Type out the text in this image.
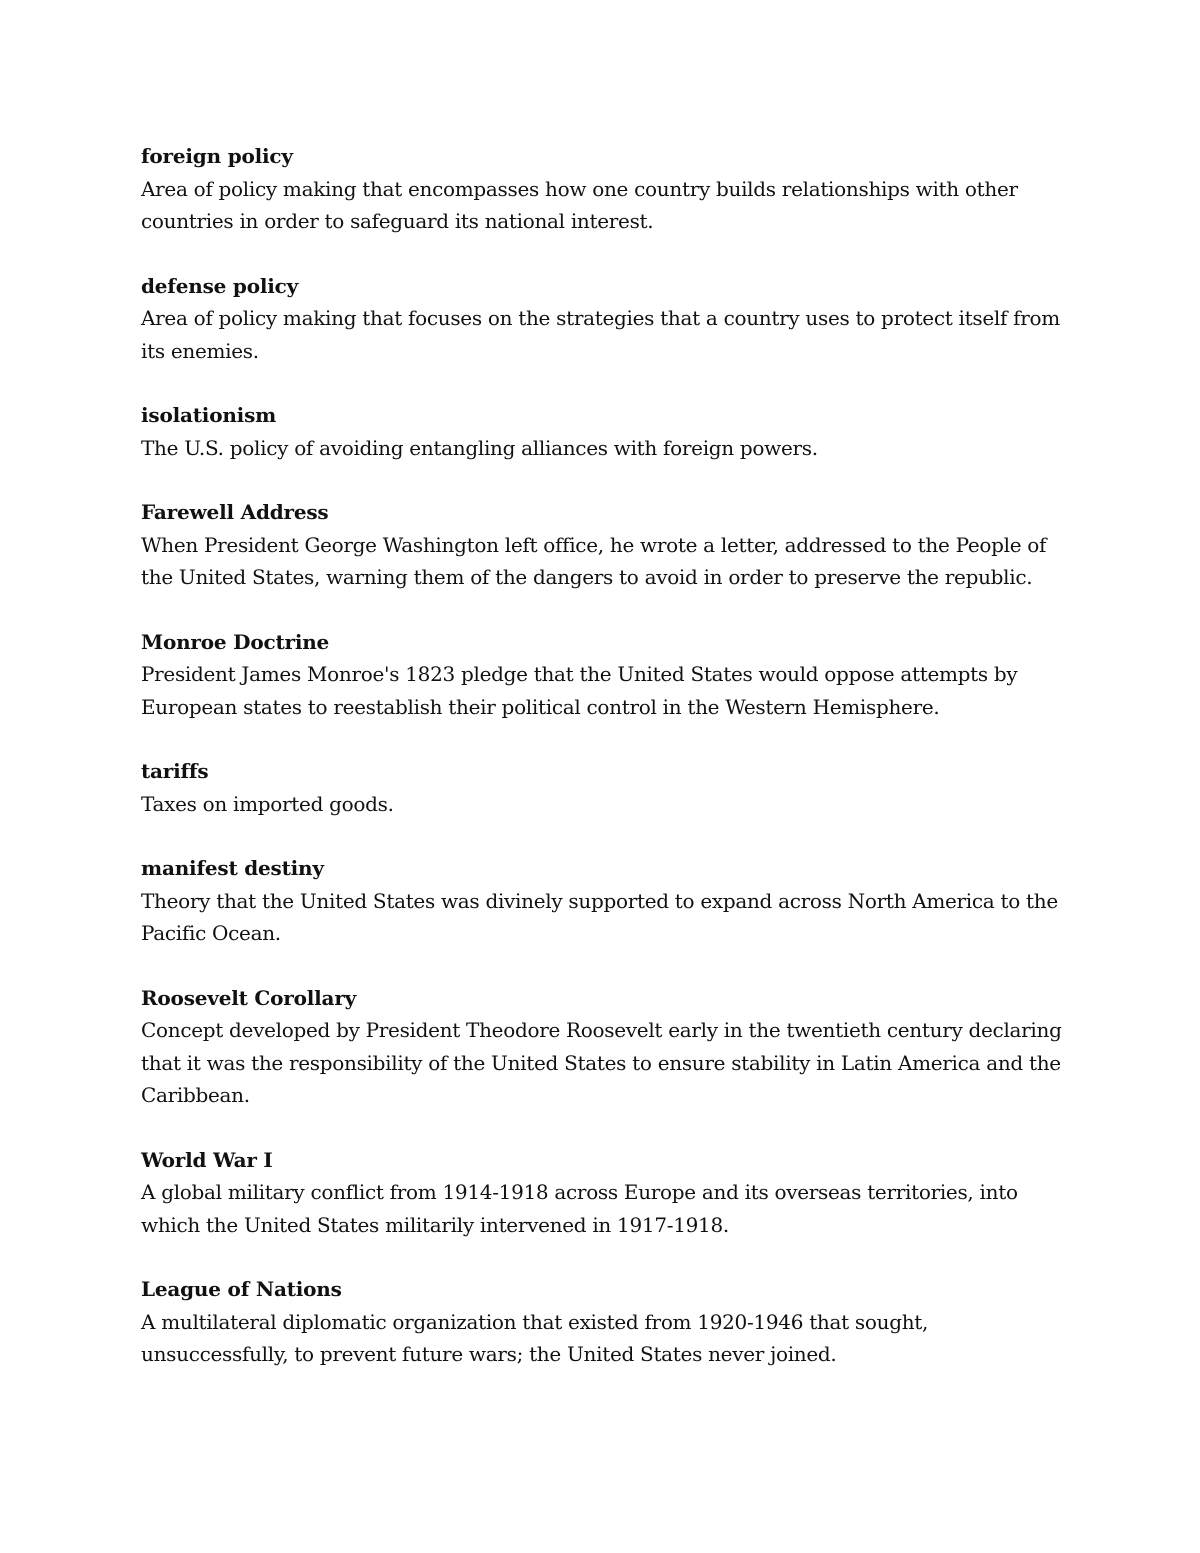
foreign policy

Area of policy making that encompasses how one country builds relationships with other countries in order to safeguard its national interest.

defense policy

Area of policy making that focuses on the strategies that a country uses to protect itself from its enemies.

isolationism

The U.S. policy of avoiding entangling alliances with foreign powers.

Farewell Address

When President George Washington left office, he wrote a letter, addressed to the People of the United States, warning them of the dangers to avoid in order to preserve the republic.

Monroe Doctrine

President James Monroe's 1823 pledge that the United States would oppose attempts by European states to reestablish their political control in the Western Hemisphere.

tariffs

Taxes on imported goods.

manifest destiny

Theory that the United States was divinely supported to expand across North America to the Pacific Ocean.

Roosevelt Corollary

Concept developed by President Theodore Roosevelt early in the twentieth century declaring that it was the responsibility of the United States to ensure stability in Latin America and the Caribbean.

World War I

A global military conflict from 1914-1918 across Europe and its overseas territories, into which the United States militarily intervened in 1917-1918.

League of Nations

A multilateral diplomatic organization that existed from 1920-1946 that sought, unsuccessfully, to prevent future wars; the United States never joined.
